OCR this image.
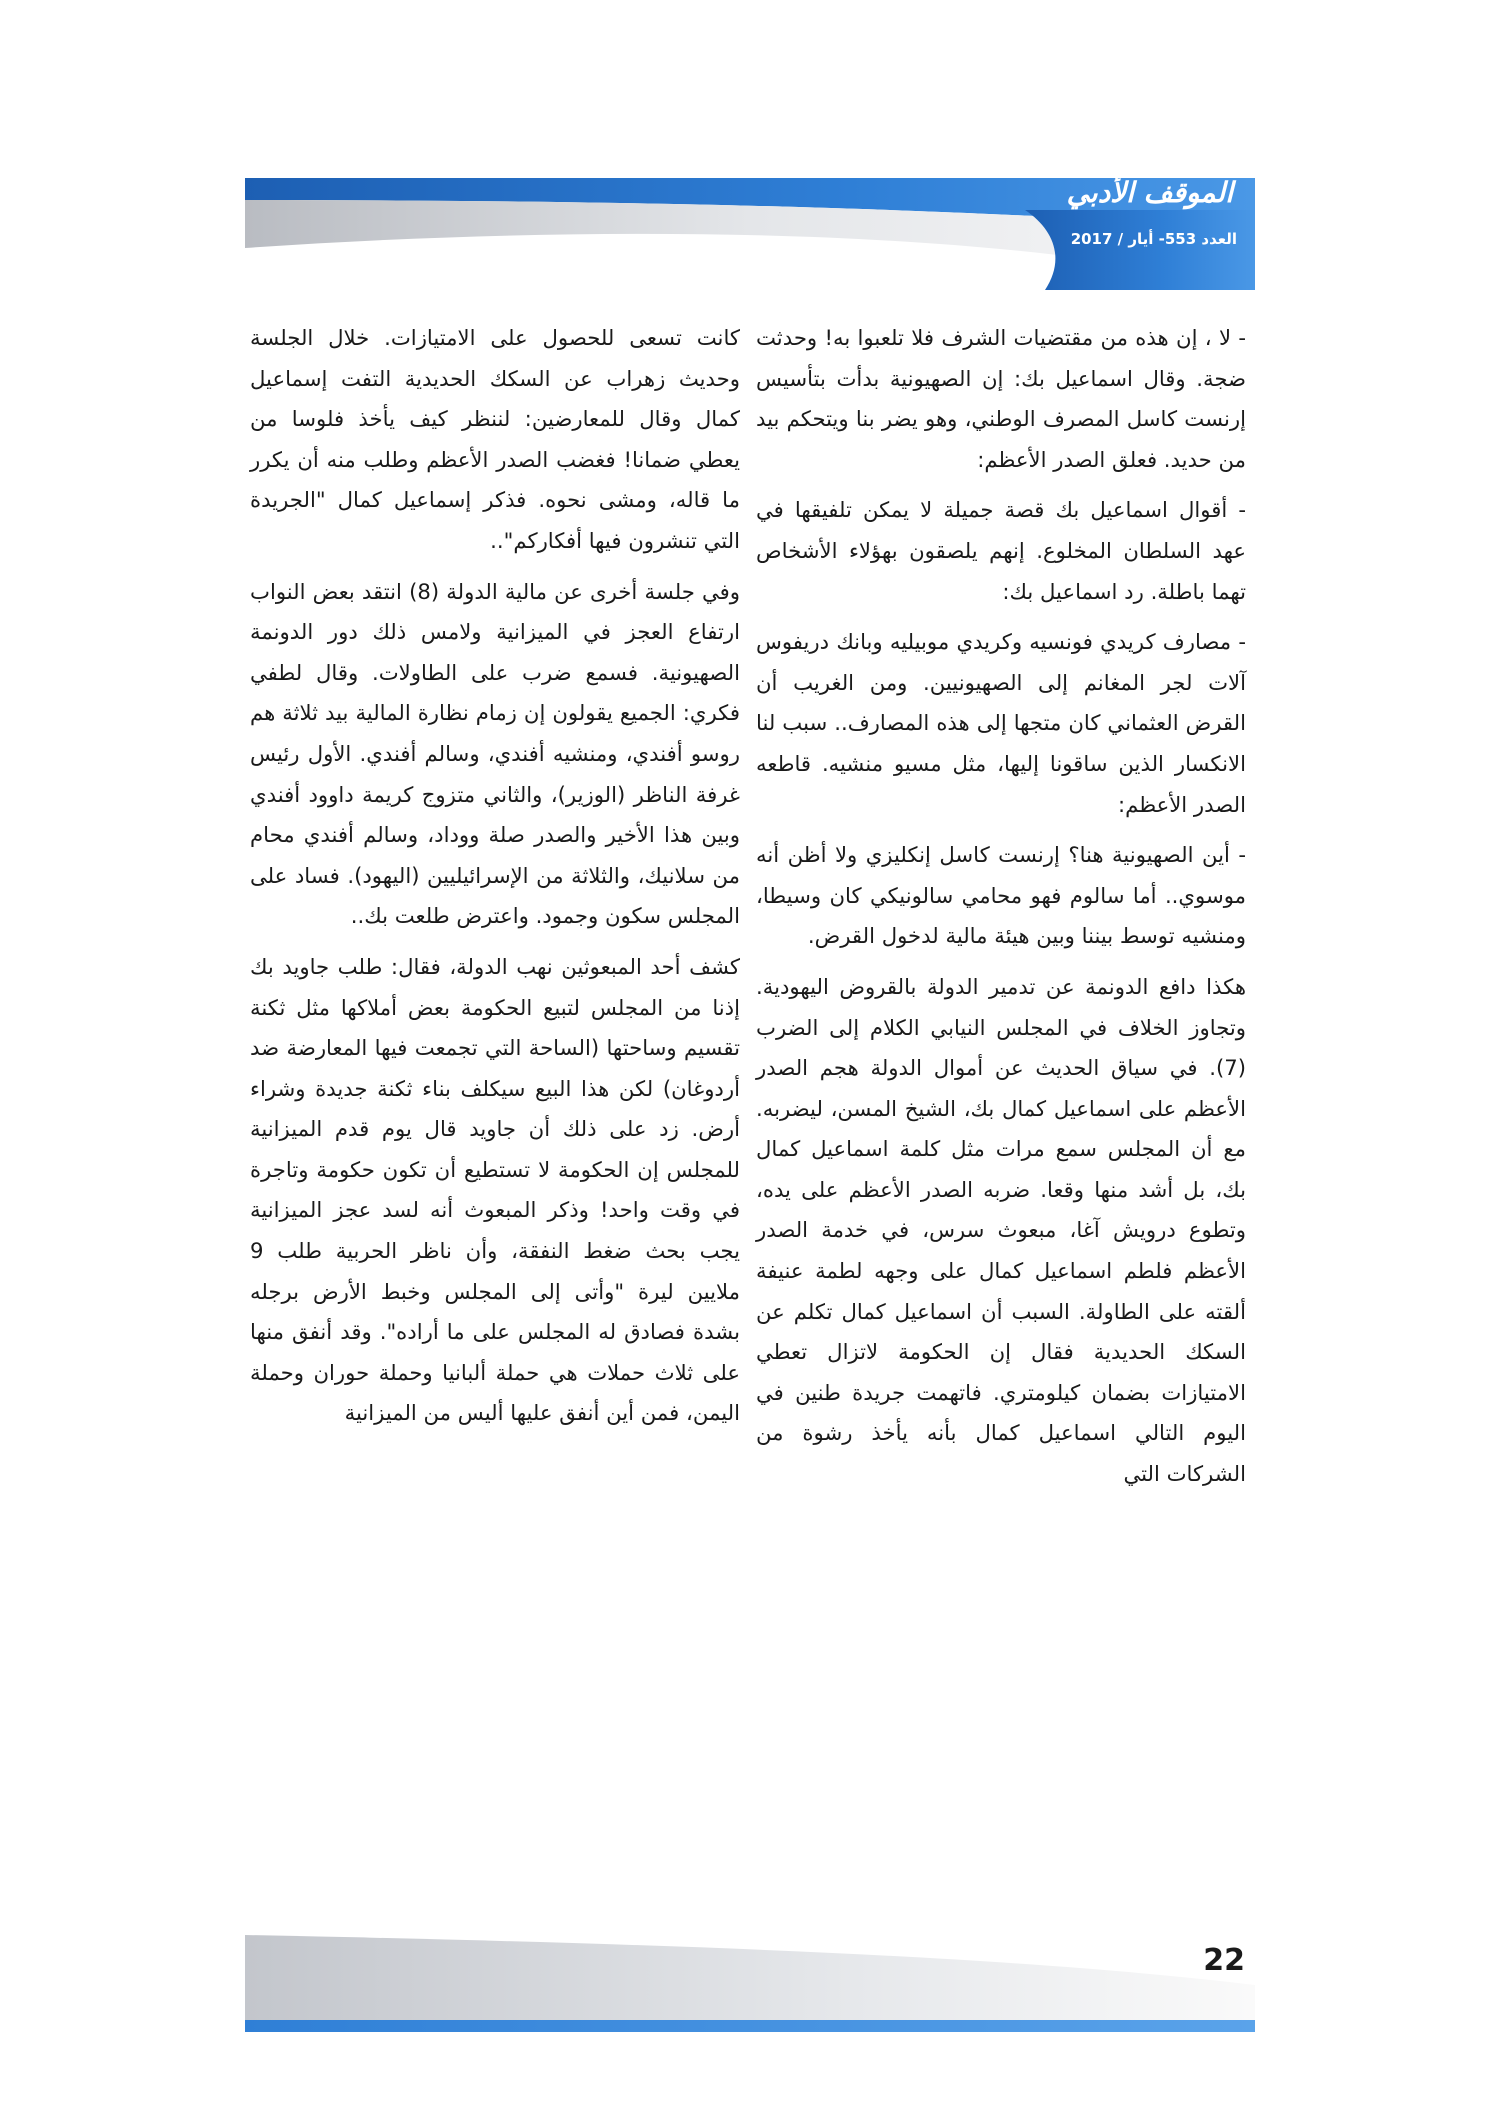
الموقف الأدبي
العدد 553- أيار / 2017

- لا ، إن هذه من مقتضيات الشرف فلا تلعبوا به! وحدثت ضجة. وقال اسماعيل بك: إن الصهيونية بدأت بتأسيس إرنست كاسل المصرف الوطني، وهو يضر بنا ويتحكم بيد من حديد. فعلق الصدر الأعظم:

- أقوال اسماعيل بك قصة جميلة لا يمكن تلفيقها في عهد السلطان المخلوع. إنهم يلصقون بهؤلاء الأشخاص تهما باطلة. رد اسماعيل بك:

- مصارف كريدي فونسيه وكريدي موبيليه وبانك دريفوس آلات لجر المغانم إلى الصهيونيين. ومن الغريب أن القرض العثماني كان متجها إلى هذه المصارف.. سبب لنا الانكسار الذين ساقونا إليها، مثل مسيو منشيه. قاطعه الصدر الأعظم:

- أين الصهيونية هنا؟ إرنست كاسل إنكليزي ولا أظن أنه موسوي.. أما سالوم فهو محامي سالونيكي كان وسيطا، ومنشيه توسط بيننا وبين هيئة مالية لدخول القرض.

هكذا دافع الدونمة عن تدمير الدولة بالقروض اليهودية. وتجاوز الخلاف في المجلس النيابي الكلام إلى الضرب (7). في سياق الحديث عن أموال الدولة هجم الصدر الأعظم على اسماعيل كمال بك، الشيخ المسن، ليضربه. مع أن المجلس سمع مرات مثل كلمة اسماعيل كمال بك، بل أشد منها وقعا. ضربه الصدر الأعظم على يده، وتطوع درويش آغا، مبعوث سرس، في خدمة الصدر الأعظم فلطم اسماعيل كمال على وجهه لطمة عنيفة ألقته على الطاولة. السبب أن اسماعيل كمال تكلم عن السكك الحديدية فقال إن الحكومة لاتزال تعطي الامتيازات بضمان كيلومتري. فاتهمت جريدة طنين في اليوم التالي اسماعيل كمال بأنه يأخذ رشوة من الشركات التي

كانت تسعى للحصول على الامتيازات. خلال الجلسة وحديث زهراب عن السكك الحديدية التفت إسماعيل كمال وقال للمعارضين: لننظر كيف يأخذ فلوسا من يعطي ضمانا! فغضب الصدر الأعظم وطلب منه أن يكرر ما قاله، ومشى نحوه. فذكر إسماعيل كمال "الجريدة التي تنشرون فيها أفكاركم"..

وفي جلسة أخرى عن مالية الدولة (8) انتقد بعض النواب ارتفاع العجز في الميزانية ولامس ذلك دور الدونمة الصهيونية. فسمع ضرب على الطاولات. وقال لطفي فكري: الجميع يقولون إن زمام نظارة المالية بيد ثلاثة هم روسو أفندي، ومنشيه أفندي، وسالم أفندي. الأول رئيس غرفة الناظر (الوزير)، والثاني متزوج كريمة داوود أفندي وبين هذا الأخير والصدر صلة ووداد، وسالم أفندي محام من سلانيك، والثلاثة من الإسرائيليين (اليهود). فساد على المجلس سكون وجمود. واعترض طلعت بك..

كشف أحد المبعوثين نهب الدولة، فقال: طلب جاويد بك إذنا من المجلس لتبيع الحكومة بعض أملاكها مثل ثكنة تقسيم وساحتها (الساحة التي تجمعت فيها المعارضة ضد أردوغان) لكن هذا البيع سيكلف بناء ثكنة جديدة وشراء أرض. زد على ذلك أن جاويد قال يوم قدم الميزانية للمجلس إن الحكومة لا تستطيع أن تكون حكومة وتاجرة في وقت واحد! وذكر المبعوث أنه لسد عجز الميزانية يجب بحث ضغط النفقة، وأن ناظر الحربية طلب 9 ملايين ليرة "وأتى إلى المجلس وخبط الأرض برجله بشدة فصادق له المجلس على ما أراده". وقد أنفق منها على ثلاث حملات هي حملة ألبانيا وحملة حوران وحملة اليمن، فمن أين أنفق عليها أليس من الميزانية

22
